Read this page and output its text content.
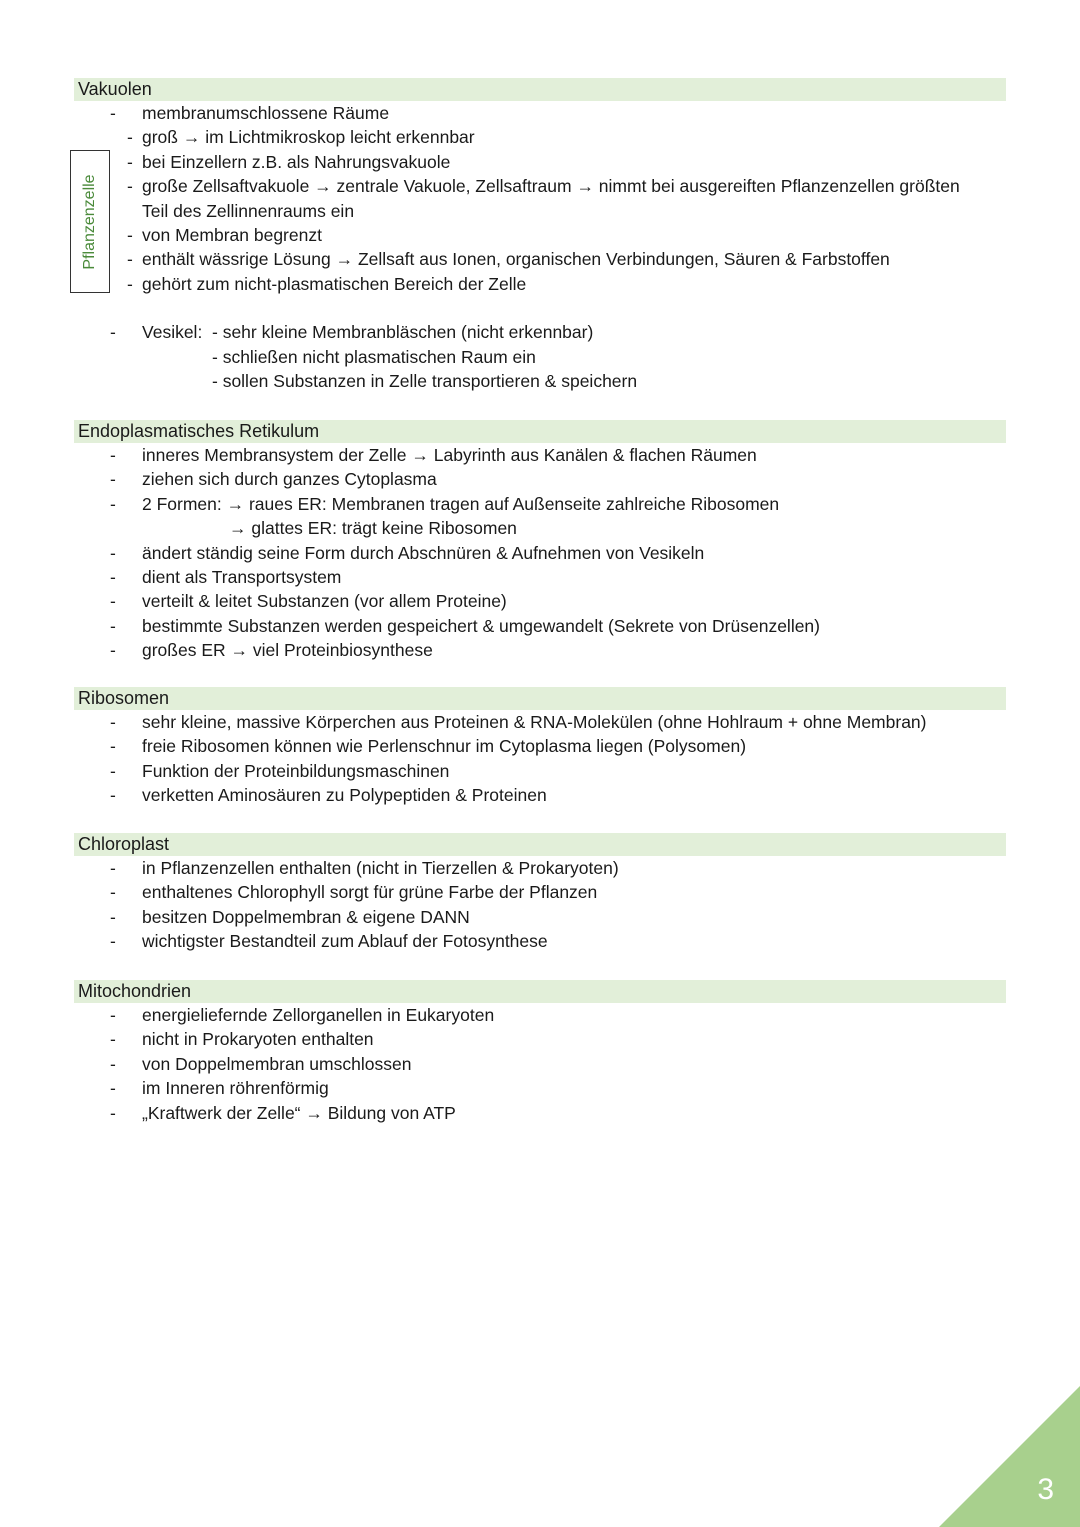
Pflanzenzelle
Vakuolen
- membranumschlossene Räume
- groß → im Lichtmikroskop leicht erkennbar
- bei Einzellern z.B. als Nahrungsvakuole
- große Zellsaftvakuole → zentrale Vakuole, Zellsaftraum → nimmt bei ausgereiften Pflanzenzellen größten
Teil des Zellinnenraums ein
- von Membran begrenzt
- enthält wässrige Lösung → Zellsaft aus Ionen, organischen Verbindungen, Säuren & Farbstoffen
- gehört zum nicht-plasmatischen Bereich der Zelle
- Vesikel: - sehr kleine Membranbläschen (nicht erkennbar)
- schließen nicht plasmatischen Raum ein
- sollen Substanzen in Zelle transportieren & speichern
Endoplasmatisches Retikulum
- inneres Membransystem der Zelle → Labyrinth aus Kanälen & flachen Räumen
- ziehen sich durch ganzes Cytoplasma
- 2 Formen: → raues ER: Membranen tragen auf Außenseite zahlreiche Ribosomen
→ glattes ER: trägt keine Ribosomen
- ändert ständig seine Form durch Abschnüren & Aufnehmen von Vesikeln
- dient als Transportsystem
- verteilt & leitet Substanzen (vor allem Proteine)
- bestimmte Substanzen werden gespeichert & umgewandelt (Sekrete von Drüsenzellen)
- großes ER → viel Proteinbiosynthese
Ribosomen
- sehr kleine, massive Körperchen aus Proteinen & RNA-Molekülen (ohne Hohlraum + ohne Membran)
- freie Ribosomen können wie Perlenschnur im Cytoplasma liegen (Polysomen)
- Funktion der Proteinbildungsmaschinen
- verketten Aminosäuren zu Polypeptiden & Proteinen
Chloroplast
- in Pflanzenzellen enthalten (nicht in Tierzellen & Prokaryoten)
- enthaltenes Chlorophyll sorgt für grüne Farbe der Pflanzen
- besitzen Doppelmembran & eigene DANN
- wichtigster Bestandteil zum Ablauf der Fotosynthese
Mitochondrien
- energieliefernde Zellorganellen in Eukaryoten
- nicht in Prokaryoten enthalten
- von Doppelmembran umschlossen
- im Inneren röhrenförmig
- „Kraftwerk der Zelle“ → Bildung von ATP
3
